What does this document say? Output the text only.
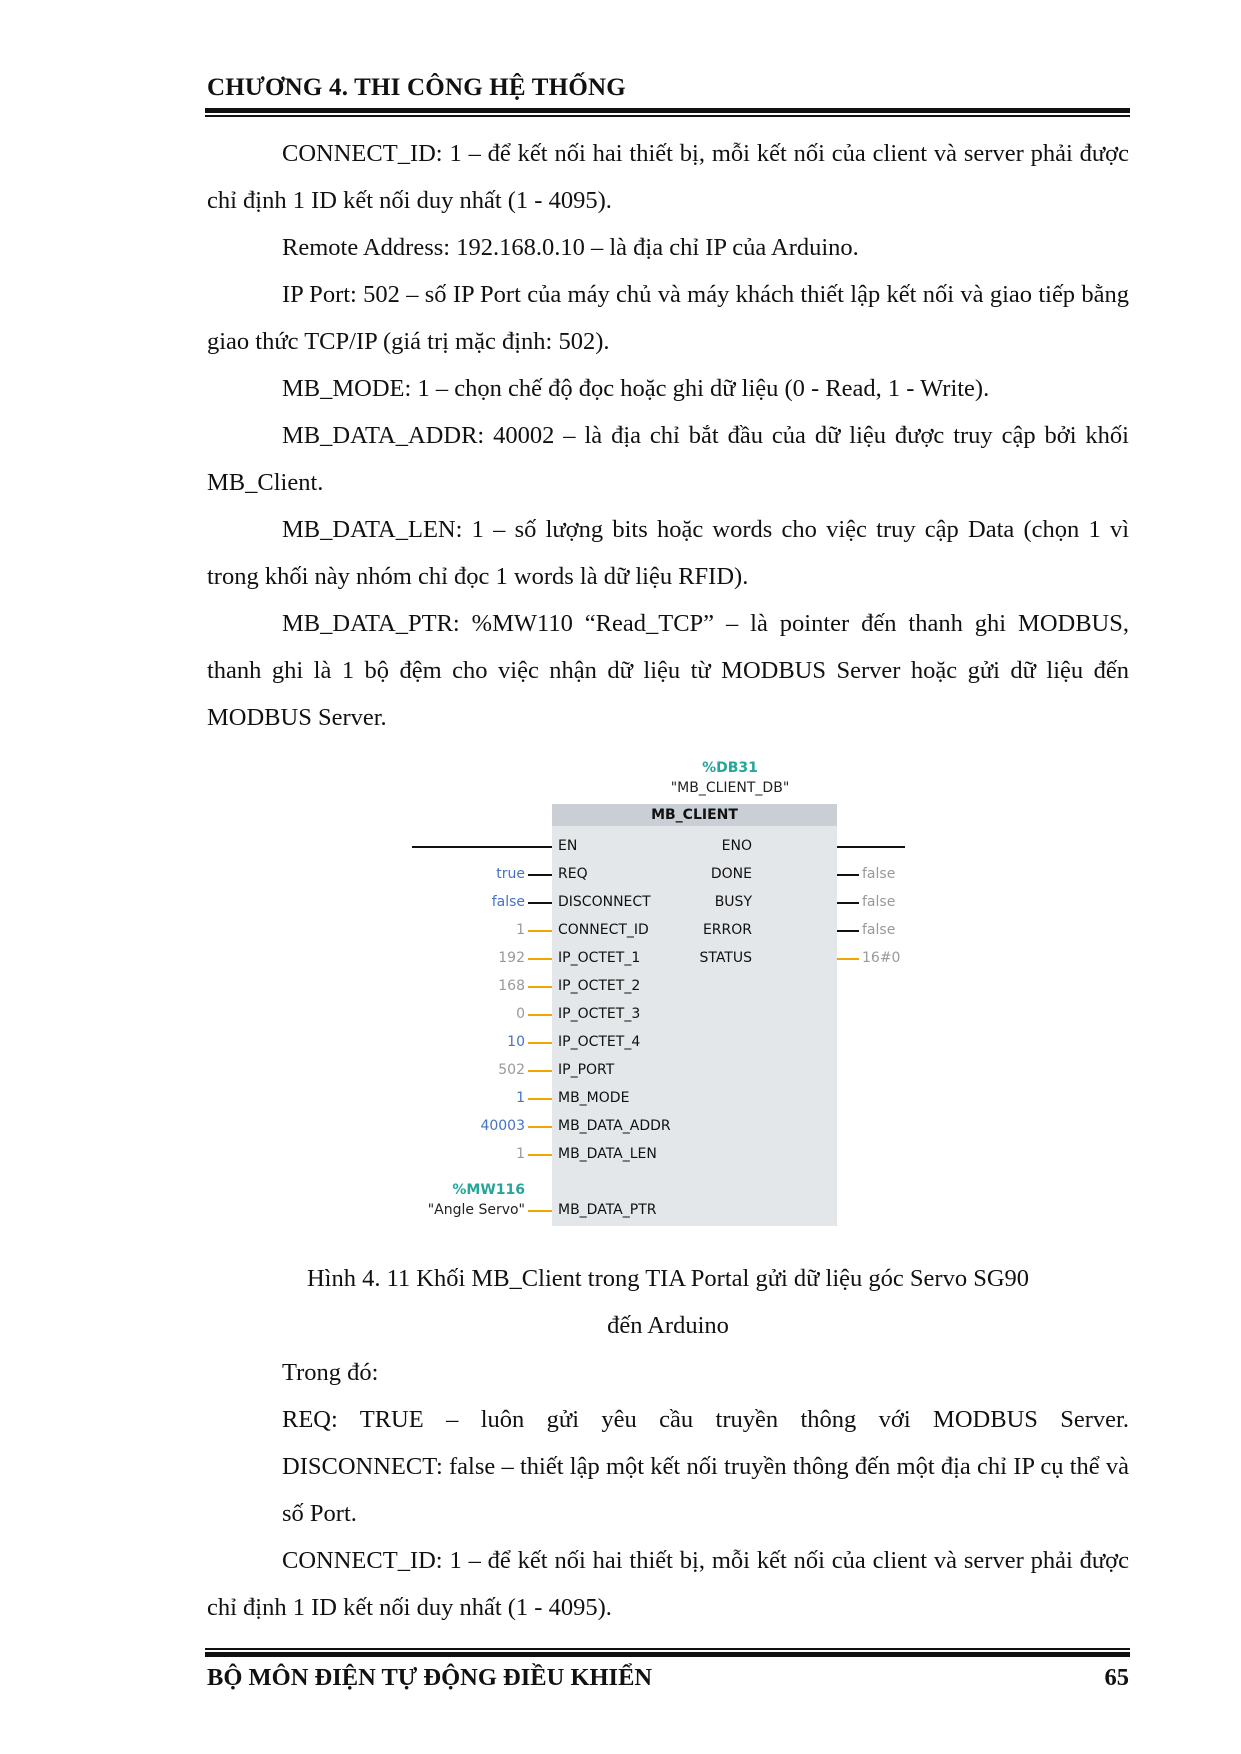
CHƯƠNG 4. THI CÔNG HỆ THỐNG

CONNECT_ID: 1 – để kết nối hai thiết bị, mỗi kết nối của client và server phải được chỉ định 1 ID kết nối duy nhất (1 - 4095).

Remote Address: 192.168.0.10 – là địa chỉ IP của Arduino.

IP Port: 502 – số IP Port của máy chủ và máy khách thiết lập kết nối và giao tiếp bằng giao thức TCP/IP (giá trị mặc định: 502).

MB_MODE: 1 – chọn chế độ đọc hoặc ghi dữ liệu (0 - Read, 1 - Write).

MB_DATA_ADDR: 40002 – là địa chỉ bắt đầu của dữ liệu được truy cập bởi khối MB_Client.

MB_DATA_LEN: 1 – số lượng bits hoặc words cho việc truy cập Data (chọn 1 vì trong khối này nhóm chỉ đọc 1 words là dữ liệu RFID).

MB_DATA_PTR: %MW110 “Read_TCP” – là pointer đến thanh ghi MODBUS, thanh ghi là 1 bộ đệm cho việc nhận dữ liệu từ MODBUS Server hoặc gửi dữ liệu đến MODBUS Server.

%DB31
"MB_CLIENT_DB"
MB_CLIENT
EN
true REQ
false DISCONNECT
1 CONNECT_ID
192 IP_OCTET_1
168 IP_OCTET_2
0 IP_OCTET_3
10 IP_OCTET_4
502 IP_PORT
1 MB_MODE
40003 MB_DATA_ADDR
1 MB_DATA_LEN
%MW116
"Angle Servo" MB_DATA_PTR
ENO
DONE	false
BUSY	false
ERROR	false
STATUS	16#0

Hình 4. 11 Khối MB_Client trong TIA Portal gửi dữ liệu góc Servo SG90

đến Arduino

Trong đó:

REQ: TRUE – luôn gửi yêu cầu truyền thông với MODBUS Server.

DISCONNECT: false – thiết lập một kết nối truyền thông đến một địa chỉ IP cụ thể và số Port.

CONNECT_ID: 1 – để kết nối hai thiết bị, mỗi kết nối của client và server phải được chỉ định 1 ID kết nối duy nhất (1 - 4095).

BỘ MÔN ĐIỆN TỰ ĐỘNG ĐIỀU KHIỂN	65
